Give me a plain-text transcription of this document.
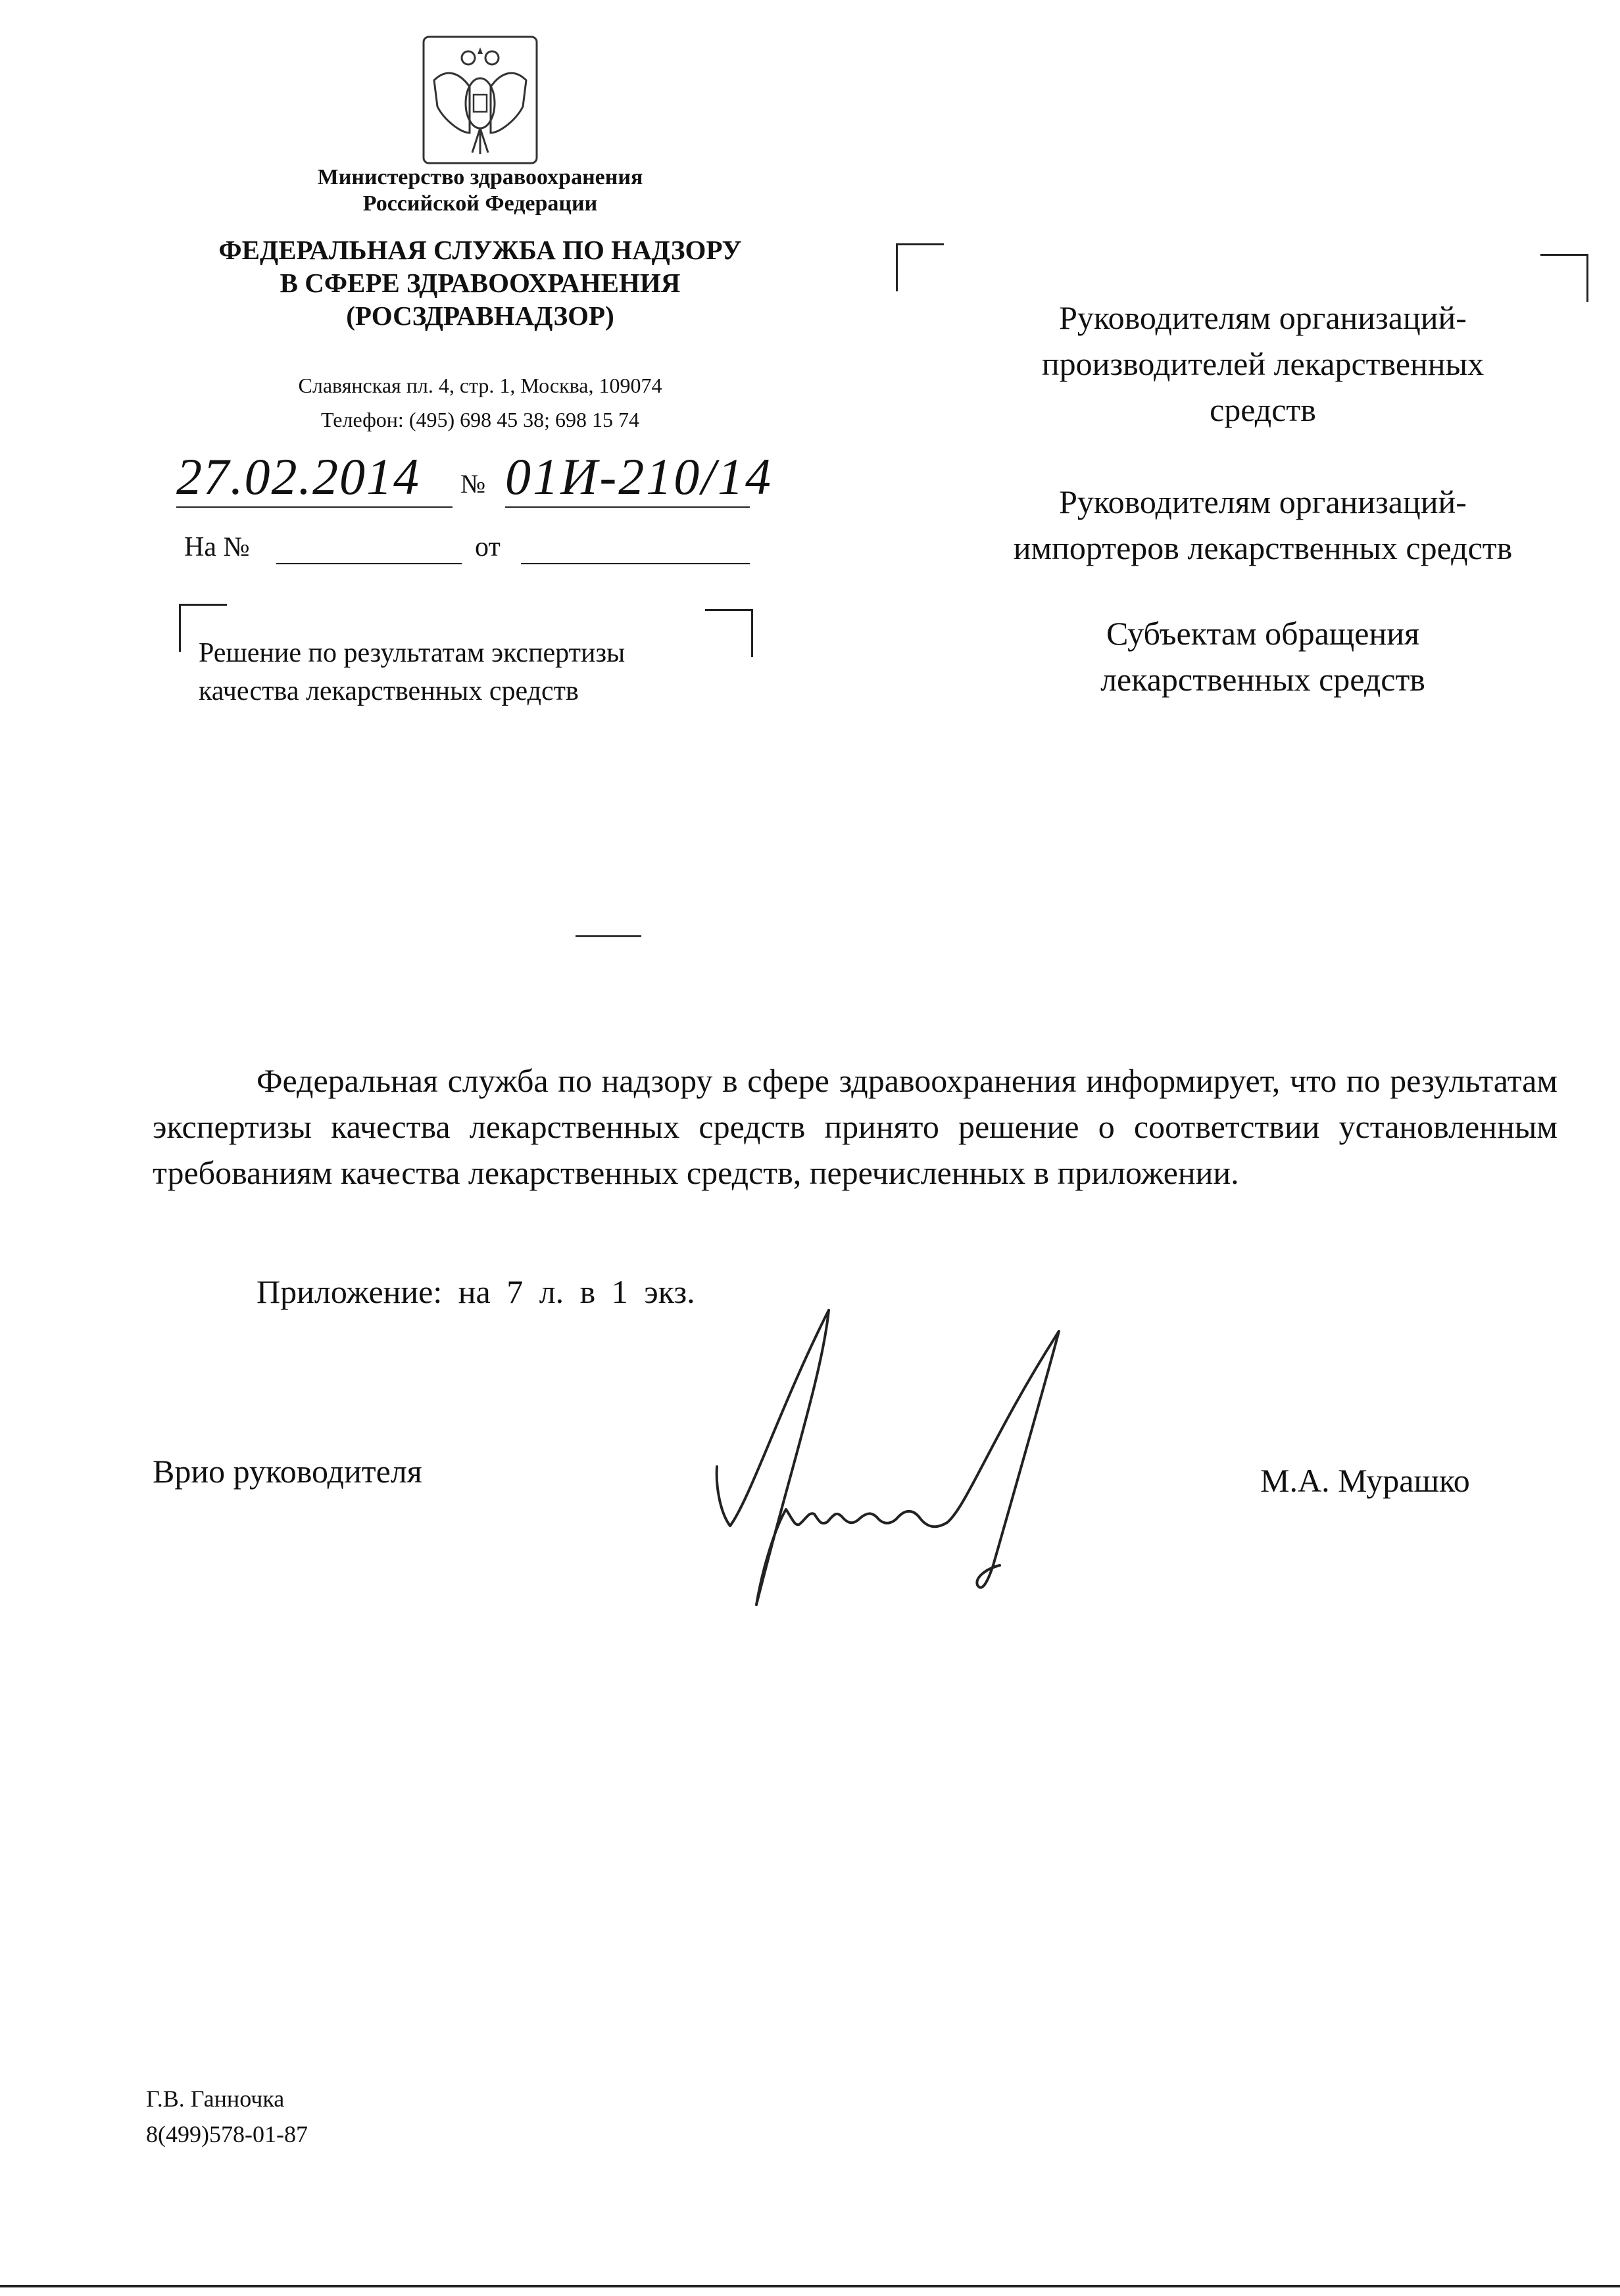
Министерство здравоохранения
Российской Федерации
ФЕДЕРАЛЬНАЯ СЛУЖБА ПО НАДЗОРУ
В СФЕРЕ ЗДРАВООХРАНЕНИЯ
(РОСЗДРАВНАДЗОР)
Славянская пл. 4, стр. 1, Москва, 109074
Телефон: (495) 698 45 38; 698 15 74
27.02.2014 № 01И-210/14
На №	от
Решение по результатам экспертизы
качества лекарственных средств
Руководителям организаций-
производителей лекарственных
средств
Руководителям организаций-
импортеров лекарственных средств
Субъектам обращения
лекарственных средств
Федеральная служба по надзору в сфере здравоохранения информирует, что по результатам экспертизы качества лекарственных средств принято решение о соответствии установленным требованиям качества лекарственных средств, перечисленных в приложении.
Приложение: на 7 л. в 1 экз.
Врио руководителя	М.А. Мурашко
Г.В. Ганночка
8(499)578-01-87
